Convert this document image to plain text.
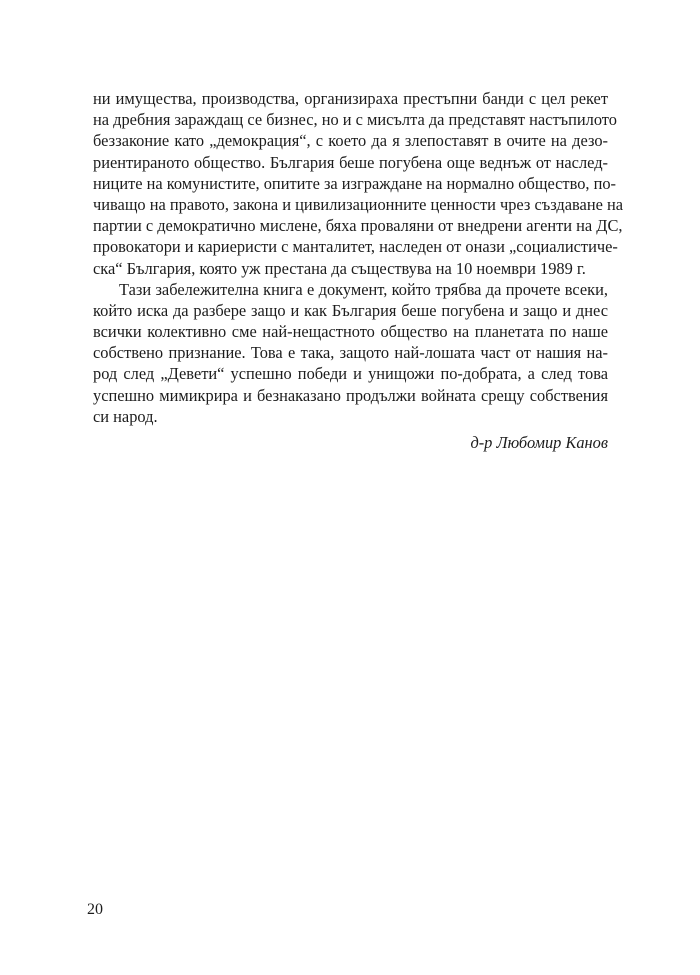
ни имущества, производства, организираха престъпни банди с цел рекет
на дребния зараждащ се бизнес, но и с мисълта да представят настъпилото
беззаконие като „демокрация“, с което да я злепоставят в очите на дезо-
риентираното общество. България беше погубена още веднъж от наслед-
ниците на комунистите, опитите за изграждане на нормално общество, по-
чиващо на правото, закона и цивилизационните ценности чрез създаване на
партии с демократично мислене, бяха проваляни от внедрени агенти на ДС,
провокатори и кариеристи с манталитет, наследен от онази „социалистиче-
ска“ България, която уж престана да съществува на 10 ноември 1989 г.
Тази забележителна книга е документ, който трябва да прочете всеки,
който иска да разбере защо и как България беше погубена и защо и днес
всички колективно сме най-нещастното общество на планетата по наше
собствено признание. Това е така, защото най-лошата част от нашия на-
род след „Девети“ успешно победи и унищожи по-добрата, а след това
успешно мимикрира и безнаказано продължи войната срещу собствения
си народ.
д-р Любомир Канов
20
